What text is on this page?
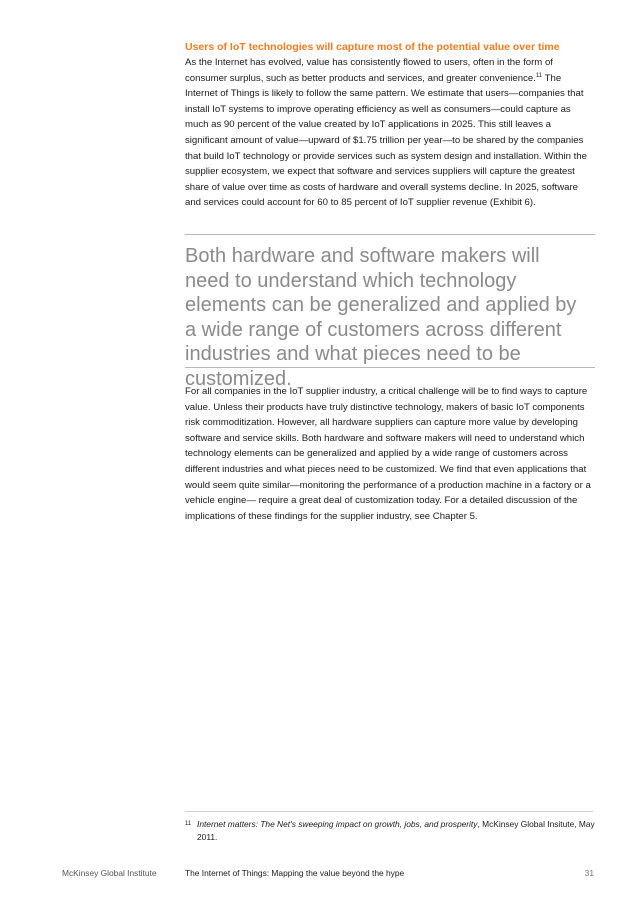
Users of IoT technologies will capture most of the potential value over time
As the Internet has evolved, value has consistently flowed to users, often in the form of consumer surplus, such as better products and services, and greater convenience.$^{11}$ The Internet of Things is likely to follow the same pattern. We estimate that users—companies that install IoT systems to improve operating efficiency as well as consumers—could capture as much as 90 percent of the value created by IoT applications in 2025. This still leaves a significant amount of value—upward of $1.75 trillion per year—to be shared by the companies that build IoT technology or provide services such as system design and installation. Within the supplier ecosystem, we expect that software and services suppliers will capture the greatest share of value over time as costs of hardware and overall systems decline. In 2025, software and services could account for 60 to 85 percent of IoT supplier revenue (Exhibit 6).
Both hardware and software makers will need to understand which technology elements can be generalized and applied by a wide range of customers across different industries and what pieces need to be customized.
For all companies in the IoT supplier industry, a critical challenge will be to find ways to capture value. Unless their products have truly distinctive technology, makers of basic IoT components risk commoditization. However, all hardware suppliers can capture more value by developing software and service skills. Both hardware and software makers will need to understand which technology elements can be generalized and applied by a wide range of customers across different industries and what pieces need to be customized. We find that even applications that would seem quite similar—monitoring the performance of a production machine in a factory or a vehicle engine— require a great deal of customization today. For a detailed discussion of the implications of these findings for the supplier industry, see Chapter 5.
11 Internet matters: The Net's sweeping impact on growth, jobs, and prosperity, McKinsey Global Insitute, May 2011.
McKinsey Global Institute	The Internet of Things: Mapping the value beyond the hype	31
